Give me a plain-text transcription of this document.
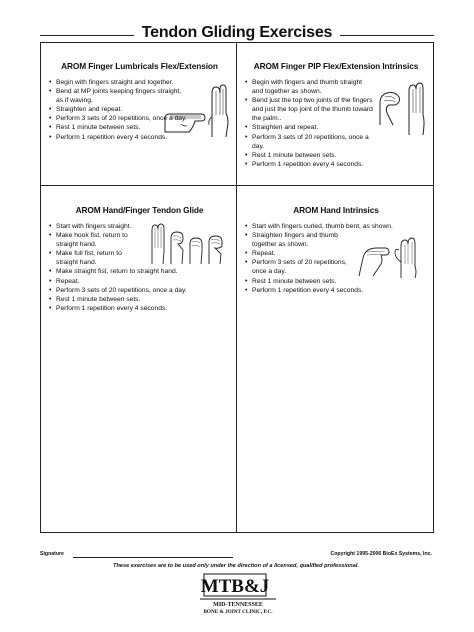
Tendon Gliding Exercises
AROM Finger Lumbricals Flex/Extension
• Begin with fingers straight and together.
• Bend at MP joints keeping fingers straight, as if waving.
• Straighten and repeat.
• Perform 3 sets of 20 repetitions, once a day.
• Rest 1 minute between sets.
• Perform 1 repetition every 4 seconds.
AROM Finger PIP Flex/Extension Intrinsics
• Begin with fingers and thumb straight and together as shown.
• Bend just the top two joints of the fingers and just the top joint of the thumb toward the palm..
• Straighten and repeat.
• Perform 3 sets of 20 repetitions, once a day.
• Rest 1 minute between sets.
• Perform 1 repetition every 4 seconds.
AROM Hand/Finger Tendon Glide
• Start with fingers straight.
• Make hook fist, return to straight hand.
• Make full fist, return to straight hand.
• Make straight fist, return to straight hand.
• Repeat.
• Perform 3 sets of 20 repetitions, once a day.
• Rest 1 minute between sets.
• Perform 1 repetition every 4 seconds.
AROM Hand Intrinsics
• Start with fingers curled, thumb bent, as shown.
• Straighten fingers and thumb together as shown.
• Repeat.
• Perform 3 sets of 20 repetitions, once a day.
• Rest 1 minute between sets.
• Perform 1 repetition every 4 seconds.
Signature	Copyright 1995-2006 BioEx Systems, Inc.
These exercises are to be used only under the direction of a licensed, qualified professional.
MTB&J
MID-TENNESSEE
BONE & JOINT CLINIC, P.C.
